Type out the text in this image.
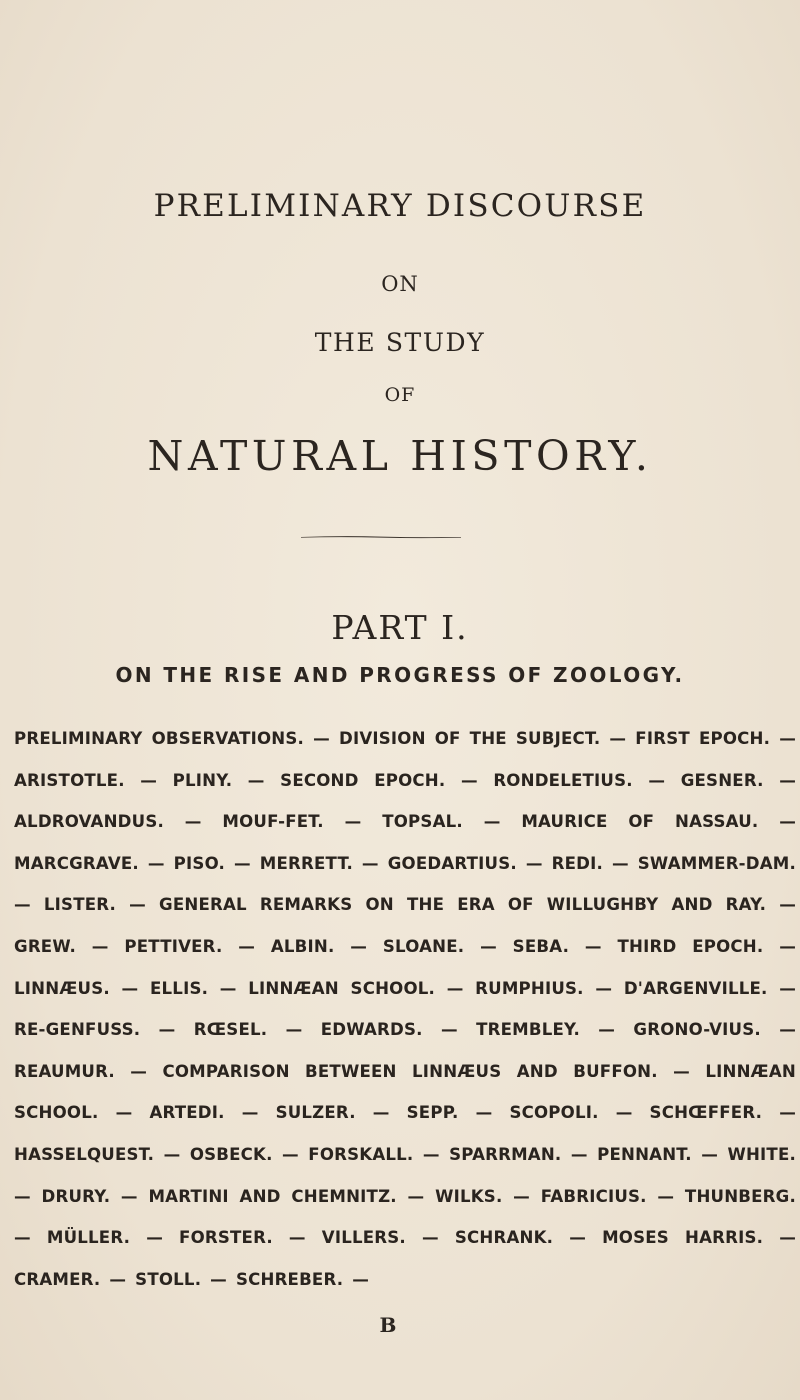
PRELIMINARY DISCOURSE
ON
THE STUDY
OF
NATURAL HISTORY.
PART I.
ON THE RISE AND PROGRESS OF ZOOLOGY.
PRELIMINARY OBSERVATIONS. — DIVISION OF THE SUBJECT. — FIRST EPOCH. — ARISTOTLE. — PLINY. — SECOND EPOCH. — RONDELETIUS. — GESNER. — ALDROVANDUS. — MOUF-FET. — TOPSAL. — MAURICE OF NASSAU. — MARCGRAVE. — PISO. — MERRETT. — GOEDARTIUS. — REDI. — SWAMMER-DAM. — LISTER. — GENERAL REMARKS ON THE ERA OF WILLUGHBY AND RAY. — GREW. — PETTIVER. — ALBIN. — SLOANE. — SEBA. — THIRD EPOCH. — LINNÆUS. — ELLIS. — LINNÆAN SCHOOL. — RUMPHIUS. — D'ARGENVILLE. — RE-GENFUSS. — RŒSEL. — EDWARDS. — TREMBLEY. — GRONO-VIUS. — REAUMUR. — COMPARISON BETWEEN LINNÆUS AND BUFFON. — LINNÆAN SCHOOL. — ARTEDI. — SULZER. — SEPP. — SCOPOLI. — SCHŒFFER. — HASSELQUEST. — OSBECK. — FORSKALL. — SPARRMAN. — PENNANT. — WHITE. — DRURY. — MARTINI AND CHEMNITZ. — WILKS. — FABRICIUS. — THUNBERG. — MÜLLER. — FORSTER. — VILLERS. — SCHRANK. — MOSES HARRIS. — CRAMER. — STOLL. — SCHREBER. —
B
